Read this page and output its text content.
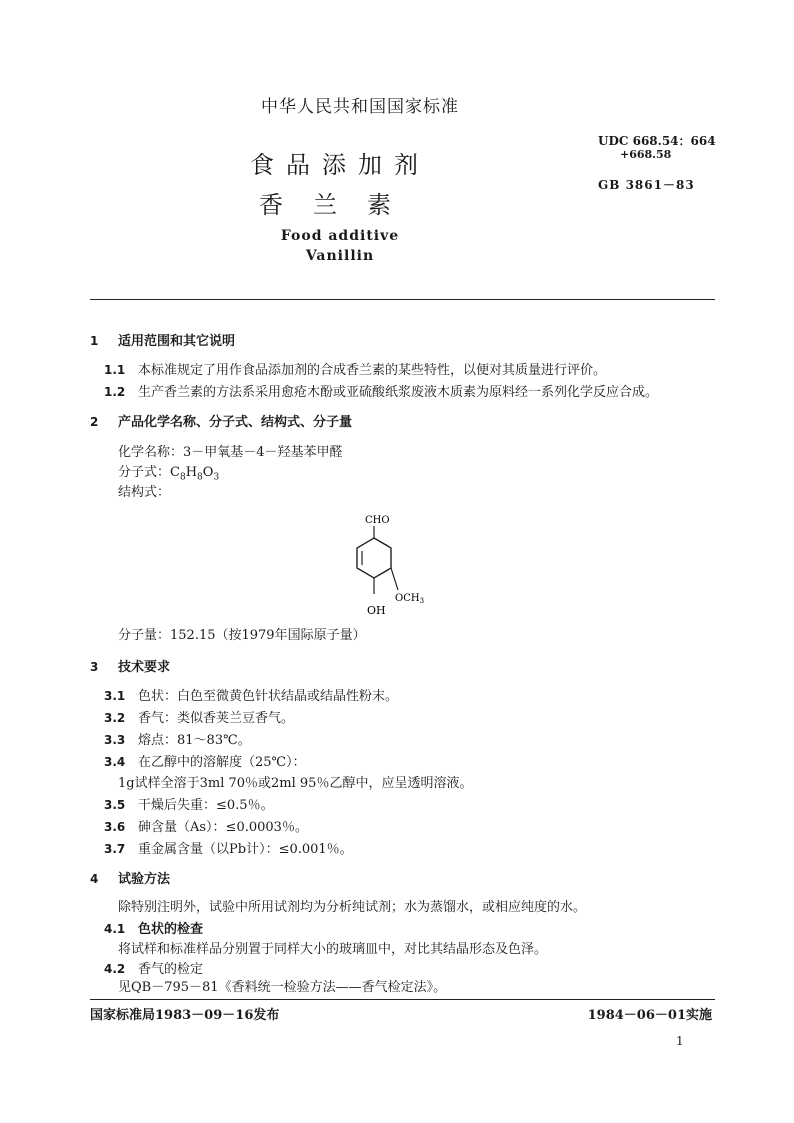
中华人民共和国国家标准
食品添加剂
香兰素
Food additive
Vanillin
UDC 668.54：664
+668.58
GB 3861－83
1 适用范围和其它说明
1.1 本标准规定了用作食品添加剂的合成香兰素的某些特性，以便对其质量进行评价。
1.2 生产香兰素的方法系采用愈疮木酚或亚硫酸纸浆废液木质素为原料经一系列化学反应合成。
2 产品化学名称、分子式、结构式、分子量
化学名称：3－甲氧基－4－羟基苯甲醛
分子式：$C_8H_8O_3$
结构式：
CHO
$OCH_3$
OH
分子量：152.15（按1979年国际原子量）
3 技术要求
3.1 色状：白色至微黄色针状结晶或结晶性粉末。
3.2 香气：类似香荚兰豆香气。
3.3 熔点：81～83℃。
3.4 在乙醇中的溶解度（25℃）：
1g试样全溶于3ml 70％或2ml 95％乙醇中，应呈透明溶液。
3.5 干燥后失重：≤0.5％。
3.6 砷含量（As）：≤0.0003％。
3.7 重金属含量（以Pb计）：≤0.001％。
4 试验方法
除特别注明外，试验中所用试剂均为分析纯试剂；水为蒸馏水，或相应纯度的水。
4.1 色状的检查
将试样和标准样品分别置于同样大小的玻璃皿中，对比其结晶形态及色泽。
4.2 香气的检定
见QB－795－81《香料统一检验方法——香气检定法》。
国家标准局1983－09－16发布	1984－06－01实施
1
